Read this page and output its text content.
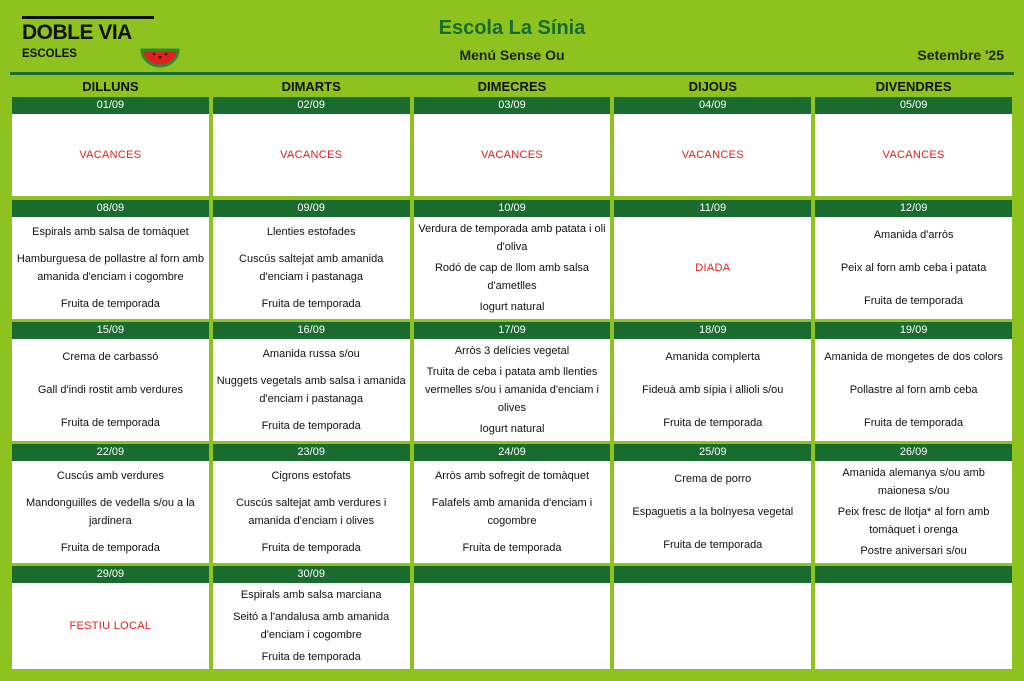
DOBLE VIA
ESCOLES
Escola La Sínia
Menú Sense Ou	Setembre '25
DILLUNS	DIMARTS	DIMECRES	DIJOUS	DIVENDRES
01/09
VACANCES
02/09
VACANCES
03/09
VACANCES
04/09
VACANCES
05/09
VACANCES
08/09
Espirals amb salsa de tomàquet
Hamburguesa de pollastre al forn amb amanida d'enciam i cogombre
Fruita de temporada
09/09
Llenties estofades
Cuscús saltejat amb amanida d'enciam i pastanaga
Fruita de temporada
10/09
Verdura de temporada amb patata i oli d'oliva
Rodó de cap de llom amb salsa d'ametlles
Iogurt natural
11/09
DIADA
12/09
Amanida d'arròs
Peix al forn amb ceba i patata
Fruita de temporada
15/09
Crema de carbassó
Gall d'indi rostit amb verdures
Fruita de temporada
16/09
Amanida russa s/ou
Nuggets vegetals amb salsa i amanida d'enciam i pastanaga
Fruita de temporada
17/09
Arròs 3 delícies vegetal
Truita de ceba i patata amb llenties vermelles s/ou i amanida d'enciam i olives
Iogurt natural
18/09
Amanida complerta
Fideuà amb sípia i allioli s/ou
Fruita de temporada
19/09
Amanida de mongetes de dos colors
Pollastre al forn amb ceba
Fruita de temporada
22/09
Cuscús amb verdures
Mandonguilles de vedella s/ou a la jardinera
Fruita de temporada
23/09
Cigrons estofats
Cuscús saltejat amb verdures i amanida d'enciam i olives
Fruita de temporada
24/09
Arròs amb sofregit de tomàquet
Falafels amb amanida d'enciam i cogombre
Fruita de temporada
25/09
Crema de porro
Espaguetis a la bolnyesa vegetal
Fruita de temporada
26/09
Amanida alemanya s/ou amb maionesa s/ou
Peix fresc de llotja* al forn amb tomàquet i orenga
Postre aniversari s/ou
29/09
FESTIU LOCAL
30/09
Espirals amb salsa marciana
Seitó a l'andalusa amb amanida d'enciam i cogombre
Fruita de temporada
